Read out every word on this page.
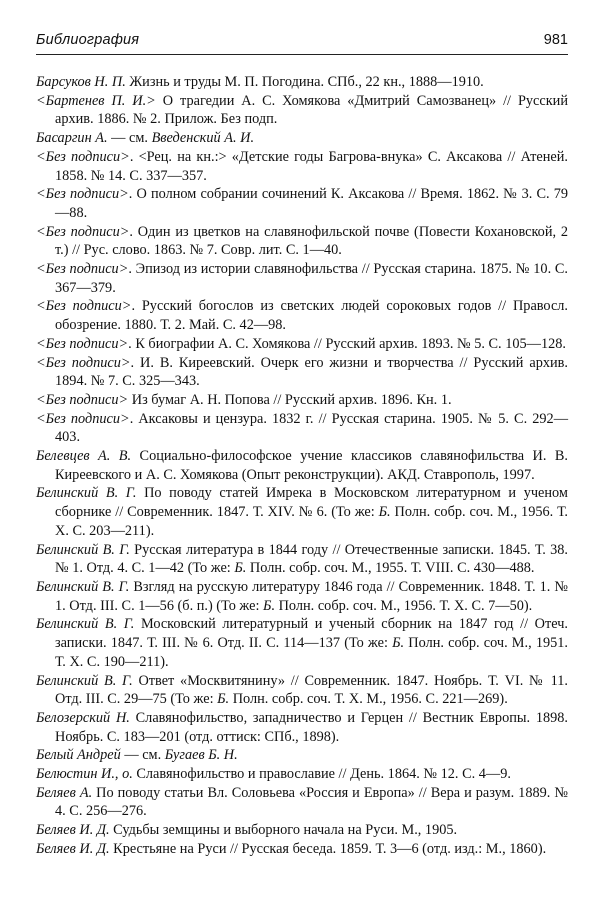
Библиография	981
Барсуков Н. П. Жизнь и труды М. П. Погодина. СПб., 22 кн., 1888—1910.
<Бартенев П. И.> О трагедии А. С. Хомякова «Дмитрий Самозванец» // Русский архив. 1886. № 2. Прилож. Без подп.
Басаргин А. — см. Введенский А. И.
<Без подписи>. <Рец. на кн.:> «Детские годы Багрова-внука» С. Аксакова // Атеней. 1858. № 14. С. 337—357.
<Без подписи>. О полном собрании сочинений К. Аксакова // Время. 1862. № 3. С. 79—88.
<Без подписи>. Один из цветков на славянофильской почве (Повести Кохановской, 2 т.) // Рус. слово. 1863. № 7. Совр. лит. С. 1—40.
<Без подписи>. Эпизод из истории славянофильства // Русская старина. 1875. № 10. С. 367—379.
<Без подписи>. Русский богослов из светских людей сороковых годов // Правосл. обозрение. 1880. Т. 2. Май. С. 42—98.
<Без подписи>. К биографии А. С. Хомякова // Русский архив. 1893. № 5. С. 105—128.
<Без подписи>. И. В. Киреевский. Очерк его жизни и творчества // Русский архив. 1894. № 7. С. 325—343.
<Без подписи> Из бумаг А. Н. Попова // Русский архив. 1896. Кн. 1.
<Без подписи>. Аксаковы и цензура. 1832 г. // Русская старина. 1905. № 5. С. 292—403.
Белевцев А. В. Социально-философское учение классиков славянофильства И. В. Киреевского и А. С. Хомякова (Опыт реконструкции). АКД. Ставрополь, 1997.
Белинский В. Г. По поводу статей Имрека в Московском литературном и ученом сборнике // Современник. 1847. Т. XIV. № 6. (То же: Б. Полн. собр. соч. М., 1956. Т. X. С. 203—211).
Белинский В. Г. Русская литература в 1844 году // Отечественные записки. 1845. Т. 38. № 1. Отд. 4. С. 1—42 (То же: Б. Полн. собр. соч. М., 1955. Т. VIII. С. 430—488.
Белинский В. Г. Взгляд на русскую литературу 1846 года // Современник. 1848. Т. 1. № 1. Отд. III. С. 1—56 (б. п.) (То же: Б. Полн. собр. соч. М., 1956. Т. X. С. 7—50).
Белинский В. Г. Московский литературный и ученый сборник на 1847 год // Отеч. записки. 1847. Т. III. № 6. Отд. II. С. 114—137 (То же: Б. Полн. собр. соч. М., 1951. Т. X. С. 190—211).
Белинский В. Г. Ответ «Москвитянину» // Современник. 1847. Ноябрь. Т. VI. № 11. Отд. III. С. 29—75 (То же: Б. Полн. собр. соч. Т. X. М., 1956. С. 221—269).
Белозерский Н. Славянофильство, западничество и Герцен // Вестник Европы. 1898. Ноябрь. С. 183—201 (отд. оттиск: СПб., 1898).
Белый Андрей — см. Бугаев Б. Н.
Белюстин И., о. Славянофильство и православие // День. 1864. № 12. С. 4—9.
Беляев А. По поводу статьи Вл. Соловьева «Россия и Европа» // Вера и разум. 1889. № 4. С. 256—276.
Беляев И. Д. Судьбы земщины и выборного начала на Руси. М., 1905.
Беляев И. Д. Крестьяне на Руси // Русская беседа. 1859. Т. 3—6 (отд. изд.: М., 1860).
